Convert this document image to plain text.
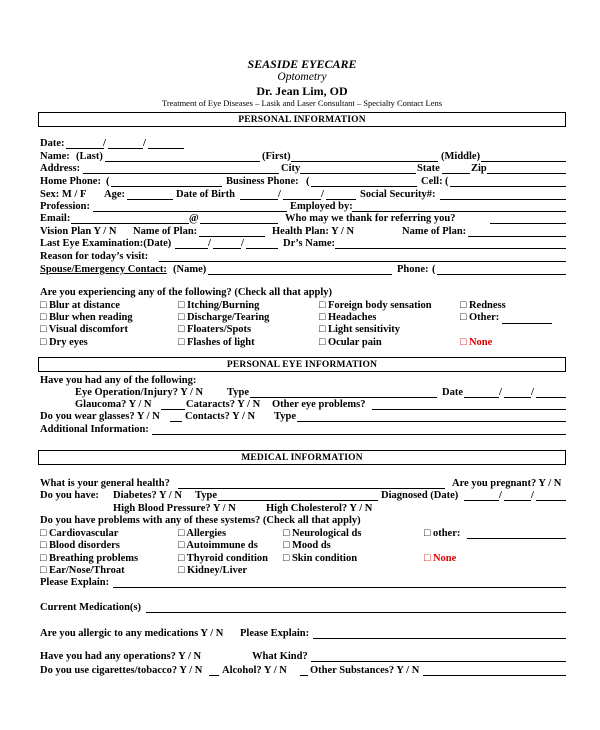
SEASIDE EYECARE
Optometry
Dr. Jean Lim, OD
Treatment of Eye Diseases – Lasik and Laser Consultant – Specialty Contact Lens
PERSONAL INFORMATION
Date:	/	/
Name: (Last)	(First)	(Middle)
Address:	City	State	Zip
Home Phone: (	Business Phone: (	Cell: (
Sex: M / F Age:	Date of Birth	/	/	Social Security#:
Profession:	Employed by:
Email:	@	Who may we thank for referring you?
Vision Plan Y / N Name of Plan:	Health Plan: Y / N	Name of Plan:
Last Eye Examination:(Date)	/	/	Dr’s Name:
Reason for today’s visit:
Spouse/Emergency Contact: (Name)	Phone: (
Are you experiencing any of the following? (Check all that apply)
□ Blur at distance
□ Blur when reading
□ Visual discomfort
□ Dry eyes
□ Itching/Burning
□ Discharge/Tearing
□ Floaters/Spots
□ Flashes of light
□ Foreign body sensation
□ Headaches
□ Light sensitivity
□ Ocular pain
□ Redness
□ Other:
□ None
PERSONAL EYE INFORMATION
Have you had any of the following:
Eye Operation/Injury? Y / N Type	Date	/	/
Glaucoma? Y / N	Cataracts? Y / N Other eye problems?
Do you wear glasses? Y / N Contacts? Y / N Type
Additional Information:
MEDICAL INFORMATION
What is your general health?	Are you pregnant? Y / N
Do you have: Diabetes? Y / N Type	Diagnosed (Date)	/	/
High Blood Pressure? Y / N	High Cholesterol? Y / N
Do you have problems with any of these systems? (Check all that apply)
□ Cardiovascular
□ Blood disorders
□ Breathing problems
□ Ear/Nose/Throat
□ Allergies
□ Autoimmune ds
□ Thyroid condition
□ Kidney/Liver
□ Neurological ds
□ Mood ds
□ Skin condition
□ other:
□ None
Please Explain:
Current Medication(s)
Are you allergic to any medications Y / N Please Explain:
Have you had any operations? Y / N	What Kind?
Do you use cigarettes/tobacco? Y / N Alcohol? Y / N Other Substances? Y / N
